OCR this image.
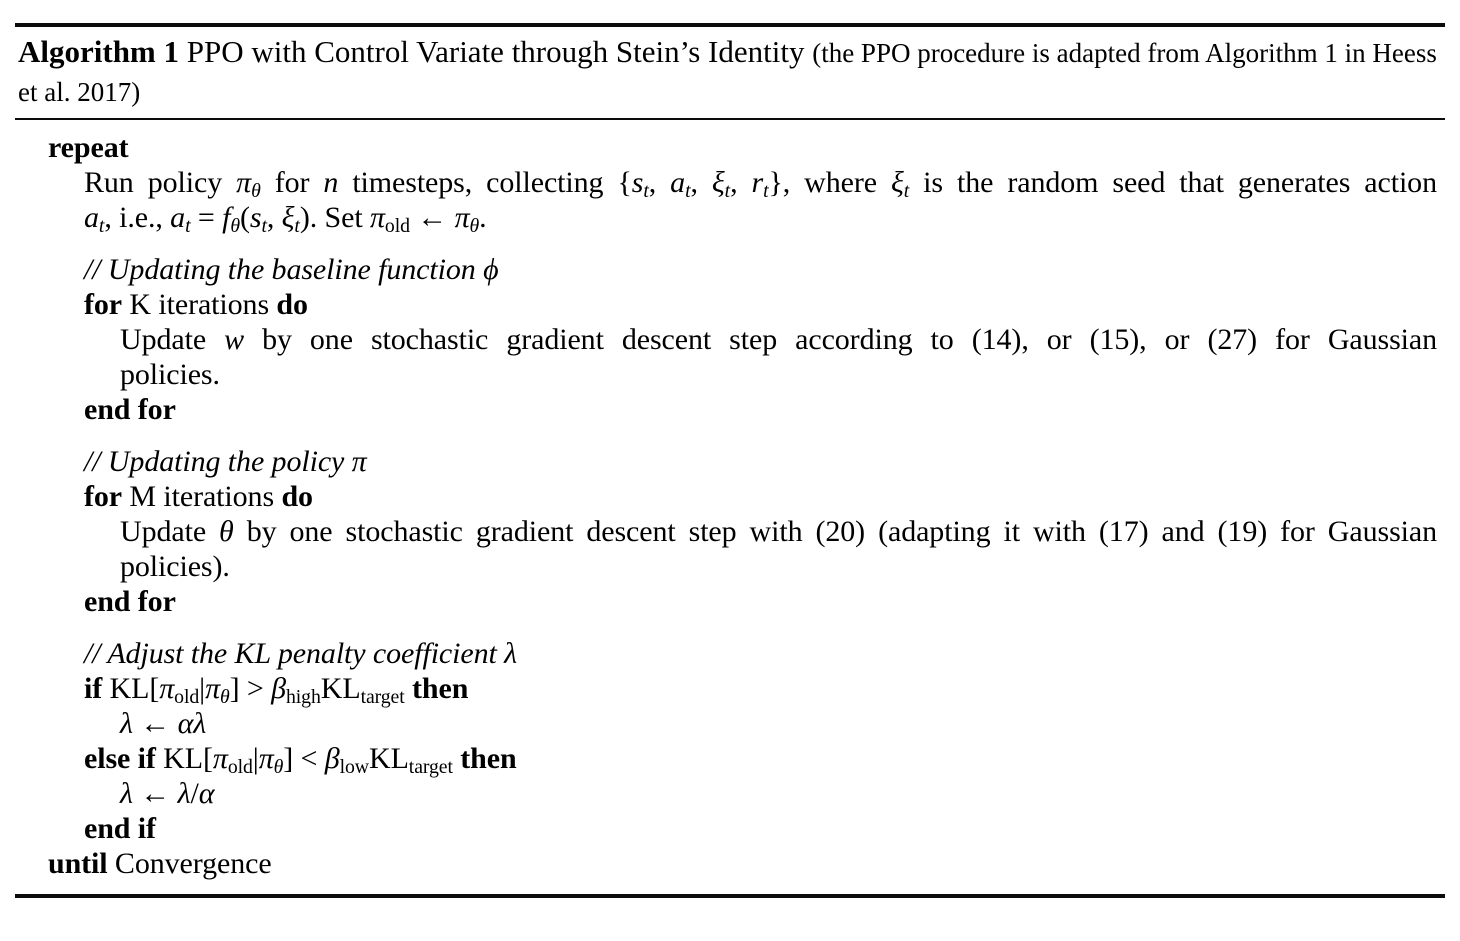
Algorithm 1 PPO with Control Variate through Stein’s Identity (the PPO procedure is adapted from Algorithm 1 in Heess et al. 2017)
repeat
Run policy $\pi_\theta$ for n timesteps, collecting {$s_t$, $a_t$, $\xi_t$, $r_t$}, where $\xi_t$ is the random seed that generates action
$a_t$, i.e., $a_t = f_\theta(s_t$, $\xi_t$). Set $\pi_{old}$ ← $\pi_\theta$.
// Updating the baseline function ϕ
for K iterations do
Update w by one stochastic gradient descent step according to (14), or (15), or (27) for Gaussian
policies.
end for
// Updating the policy π
for M iterations do
Update θ by one stochastic gradient descent step with (20) (adapting it with (17) and (19) for Gaussian
policies).
end for
// Adjust the KL penalty coefficient λ
if $KL[\pi_{old}|\pi_\theta] > \beta_{high}KL_{target}$ then
λ ← αλ
else if $KL[\pi_{old}|\pi_\theta] < \beta_{low}KL_{target}$ then
λ ← λ/α
end if
until Convergence
